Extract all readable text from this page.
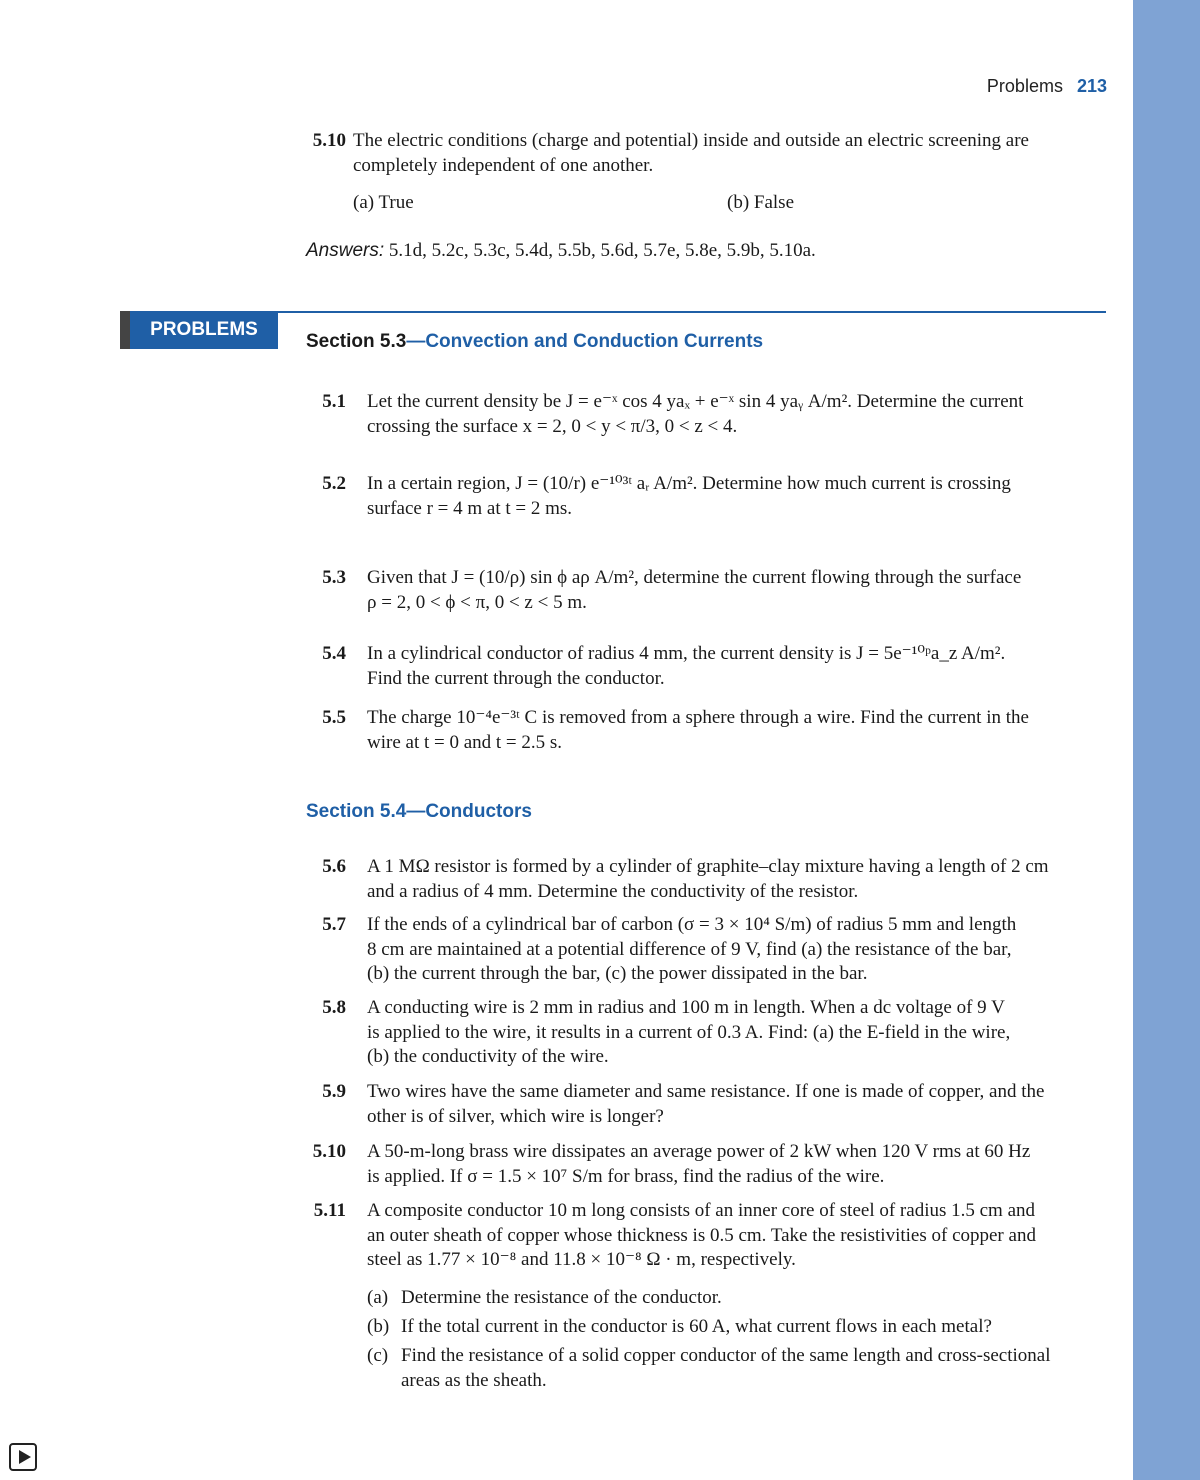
Problems 213
5.10 The electric conditions (charge and potential) inside and outside an electric screening are
completely independent of one another.
(a) True	(b) False
Answers: 5.1d, 5.2c, 5.3c, 5.4d, 5.5b, 5.6d, 5.7e, 5.8e, 5.9b, 5.10a.
PROBLEMS
Section 5.3—Convection and Conduction Currents
5.1 Let the current density be J = e⁻ˣ cos 4 yaₓ + e⁻ˣ sin 4 yaᵧ A/m². Determine the current
crossing the surface x = 2, 0 < y < π/3, 0 < z < 4.
5.2 In a certain region, J = (10/r) e⁻¹⁰³ᵗ aᵣ A/m². Determine how much current is crossing
surface r = 4 m at t = 2 ms.
5.3 Given that J = (10/ρ) sin ϕ aρ A/m², determine the current flowing through the surface
ρ = 2, 0 < ϕ < π, 0 < z < 5 m.
5.4 In a cylindrical conductor of radius 4 mm, the current density is J = 5e⁻¹⁰ᵖa_z A/m².
Find the current through the conductor.
5.5 The charge 10⁻⁴e⁻³ᵗ C is removed from a sphere through a wire. Find the current in the
wire at t = 0 and t = 2.5 s.
Section 5.4—Conductors
5.6 A 1 MΩ resistor is formed by a cylinder of graphite–clay mixture having a length of 2 cm
and a radius of 4 mm. Determine the conductivity of the resistor.
5.7 If the ends of a cylindrical bar of carbon (σ = 3 × 10⁴ S/m) of radius 5 mm and length
8 cm are maintained at a potential difference of 9 V, find (a) the resistance of the bar,
(b) the current through the bar, (c) the power dissipated in the bar.
5.8 A conducting wire is 2 mm in radius and 100 m in length. When a dc voltage of 9 V
is applied to the wire, it results in a current of 0.3 A. Find: (a) the E-field in the wire,
(b) the conductivity of the wire.
5.9 Two wires have the same diameter and same resistance. If one is made of copper, and the
other is of silver, which wire is longer?
5.10 A 50-m-long brass wire dissipates an average power of 2 kW when 120 V rms at 60 Hz
is applied. If σ = 1.5 × 10⁷ S/m for brass, find the radius of the wire.
5.11 A composite conductor 10 m long consists of an inner core of steel of radius 1.5 cm and
an outer sheath of copper whose thickness is 0.5 cm. Take the resistivities of copper and
steel as 1.77 × 10⁻⁸ and 11.8 × 10⁻⁸ Ω · m, respectively.
(a) Determine the resistance of the conductor.
(b) If the total current in the conductor is 60 A, what current flows in each metal?
(c) Find the resistance of a solid copper conductor of the same length and cross-sectional
areas as the sheath.
